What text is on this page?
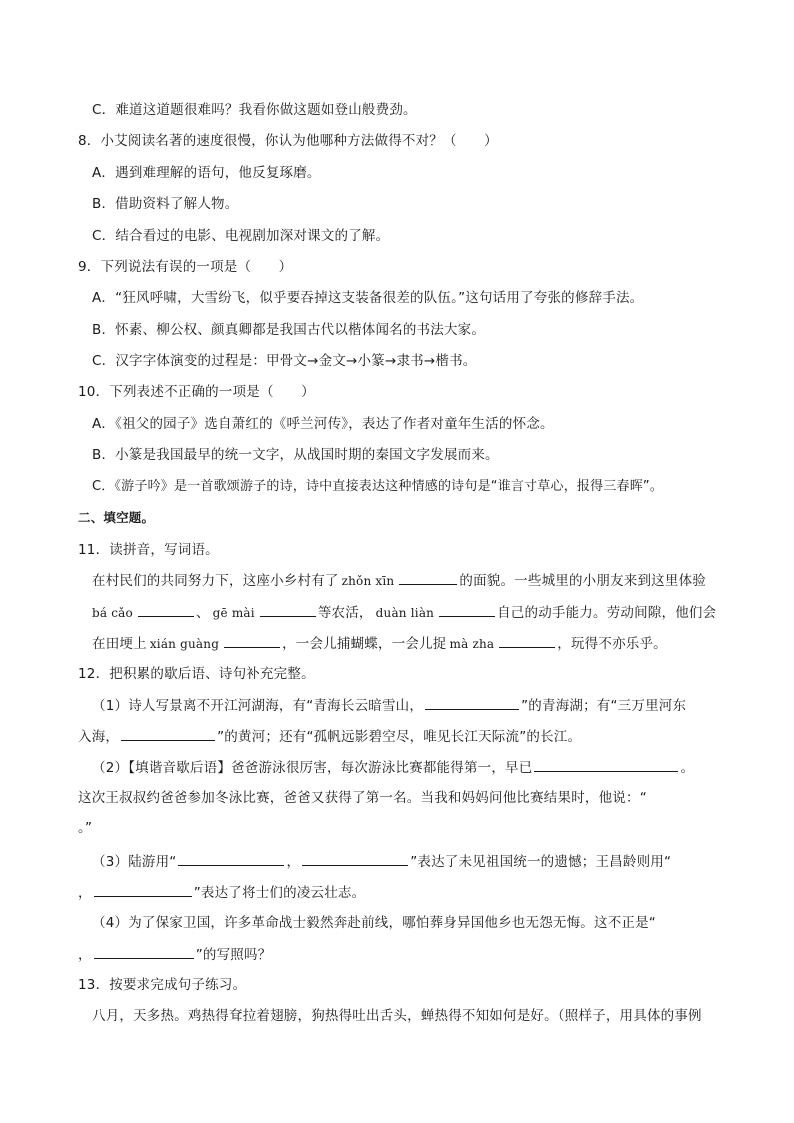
C．难道这道题很难吗？我看你做这题如登山般费劲。
8．小艾阅读名著的速度很慢，你认为他哪种方法做得不对？（　　）
A．遇到难理解的语句，他反复琢磨。
B．借助资料了解人物。
C．结合看过的电影、电视剧加深对课文的了解。
9．下列说法有误的一项是（　　）
A．“狂风呼啸，大雪纷飞，似乎要吞掉这支装备很差的队伍。”这句话用了夸张的修辞手法。
B．怀素、柳公权、颜真卿都是我国古代以楷体闻名的书法大家。
C．汉字字体演变的过程是：甲骨文→金文→小篆→隶书→楷书。
10．下列表述不正确的一项是（　　）
A．《祖父的园子》选自萧红的《呼兰河传》，表达了作者对童年生活的怀念。
B．小篆是我国最早的统一文字，从战国时期的秦国文字发展而来。
C．《游子吟》是一首歌颂游子的诗，诗中直接表达这种情感的诗句是“谁言寸草心，报得三春晖”。
二、填空题。
11．读拼音，写词语。
在村民们的共同努力下，这座小乡村有了 zhǒn xīn	的面貌。一些城里的小朋友来到这里体验
bá cǎo	、 gē mài	等农活， duàn liàn	自己的动手能力。劳动间隙，他们会
在田埂上 xián guàng	，一会儿捕蝴蝶，一会儿捉 mà zha	，玩得不亦乐乎。
12．把积累的歇后语、诗句补充完整。
（1）诗人写景离不开江河湖海，有“青海长云暗雪山，	”的青海湖；有“三万里河东
入海，	”的黄河；还有“孤帆远影碧空尽，唯见长江天际流”的长江。
（2）【填谐音歇后语】爸爸游泳很厉害，每次游泳比赛都能得第一，早已	。
这次王叔叔约爸爸参加冬泳比赛，爸爸又获得了第一名。当我和妈妈问他比赛结果时，他说：“
。”
（3）陆游用“	，	”表达了未见祖国统一的遗憾；王昌龄则用“
，	”表达了将士们的凌云壮志。
（4）为了保家卫国，许多革命战士毅然奔赴前线，哪怕葬身异国他乡也无怨无悔。这不正是“
，	”的写照吗？
13．按要求完成句子练习。
八月，天多热。鸡热得耷拉着翅膀，狗热得吐出舌头，蝉热得不知如何是好。（照样子，用具体的事例
